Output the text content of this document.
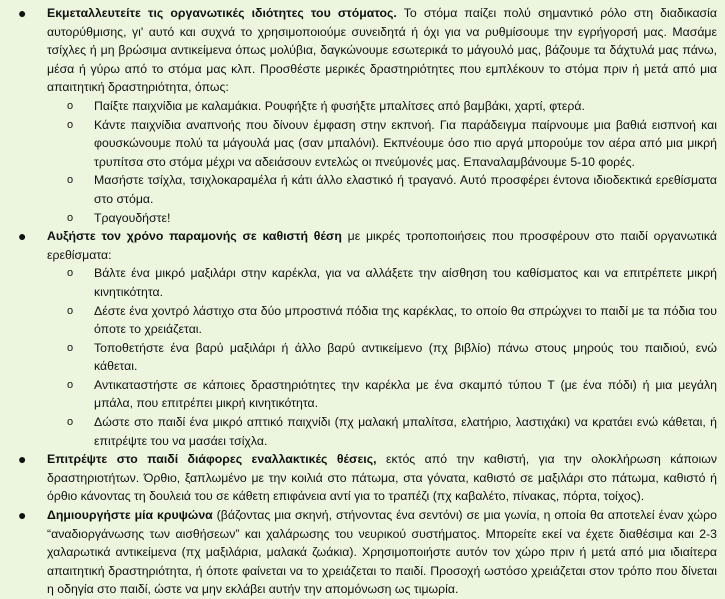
● Εκμεταλλευτείτε τις οργανωτικές ιδιότητες του στόματος. Το στόμα παίζει πολύ σημαντικό ρόλο στη διαδικασία αυτορύθμισης, γι' αυτό και συχνά το χρησιμοποιούμε συνειδητά ή όχι για να ρυθμίσουμε την εγρήγορσή μας. Μασάμε τσίχλες ή μη βρώσιμα αντικείμενα όπως μολύβια, δαγκώνουμε εσωτερικά το μάγουλό μας, βάζουμε τα δάχτυλά μας πάνω, μέσα ή γύρω από το στόμα μας κλπ. Προσθέστε μερικές δραστηριότητες που εμπλέκουν το στόμα πριν ή μετά από μια απαιτητική δραστηριότητα, όπως:
o Παίξτε παιχνίδια με καλαμάκια. Ρουφήξτε ή φυσήξτε μπαλίτσες από βαμβάκι, χαρτί, φτερά.
o Κάντε παιχνίδια αναπνοής που δίνουν έμφαση στην εκπνοή. Για παράδειγμα παίρνουμε μια βαθιά εισπνοή και φουσκώνουμε πολύ τα μάγουλά μας (σαν μπαλόνι). Εκπνέουμε όσο πιο αργά μπορούμε τον αέρα από μια μικρή τρυπίτσα στο στόμα μέχρι να αδειάσουν εντελώς οι πνεύμονές μας. Επαναλαμβάνουμε 5-10 φορές.
o Μασήστε τσίχλα, τσιχλοκαραμέλα ή κάτι άλλο ελαστικό ή τραγανό. Αυτό προσφέρει έντονα ιδιοδεκτικά ερεθίσματα στο στόμα.
o Τραγουδήστε!
● Αυξήστε τον χρόνο παραμονής σε καθιστή θέση με μικρές τροποποιήσεις που προσφέρουν στο παιδί οργανωτικά ερεθίσματα:
o Βάλτε ένα μικρό μαξιλάρι στην καρέκλα, για να αλλάξετε την αίσθηση του καθίσματος και να επιτρέπετε μικρή κινητικότητα.
o Δέστε ένα χοντρό λάστιχο στα δύο μπροστινά πόδια της καρέκλας, το οποίο θα σπρώχνει το παιδί με τα πόδια του όποτε το χρειάζεται.
o Τοποθετήστε ένα βαρύ μαξιλάρι ή άλλο βαρύ αντικείμενο (πχ βιβλίο) πάνω στους μηρούς του παιδιού, ενώ κάθεται.
o Αντικαταστήστε σε κάποιες δραστηριότητες την καρέκλα με ένα σκαμπό τύπου Τ (με ένα πόδι) ή μια μεγάλη μπάλα, που επιτρέπει μικρή κινητικότητα.
o Δώστε στο παιδί ένα μικρό απτικό παιχνίδι (πχ μαλακή μπαλίτσα, ελατήριο, λαστιχάκι) να κρατάει ενώ κάθεται, ή επιτρέψτε του να μασάει τσίχλα.
● Επιτρέψτε στο παιδί διάφορες εναλλακτικές θέσεις, εκτός από την καθιστή, για την ολοκλήρωση κάποιων δραστηριοτήτων. Όρθιο, ξαπλωμένο με την κοιλιά στο πάτωμα, στα γόνατα, καθιστό σε μαξιλάρι στο πάτωμα, καθιστό ή όρθιο κάνοντας τη δουλειά του σε κάθετη επιφάνεια αντί για το τραπέζι (πχ καβαλέτο, πίνακας, πόρτα, τοίχος).
● Δημιουργήστε μία κρυψώνα (βάζοντας μια σκηνή, στήνοντας ένα σεντόνι) σε μια γωνία, η οποία θα αποτελεί έναν χώρο “αναδιοργάνωσης των αισθήσεων” και χαλάρωσης του νευρικού συστήματος. Μπορείτε εκεί να έχετε διαθέσιμα και 2-3 χαλαρωτικά αντικείμενα (πχ μαξιλάρια, μαλακά ζωάκια). Χρησιμοποιήστε αυτόν τον χώρο πριν ή μετά από μια ιδιαίτερα απαιτητική δραστηριότητα, ή όποτε φαίνεται να το χρειάζεται το παιδί. Προσοχή ωστόσο χρειάζεται στον τρόπο που δίνεται η οδηγία στο παιδί, ώστε να μην εκλάβει αυτήν την απομόνωση ως τιμωρία.
